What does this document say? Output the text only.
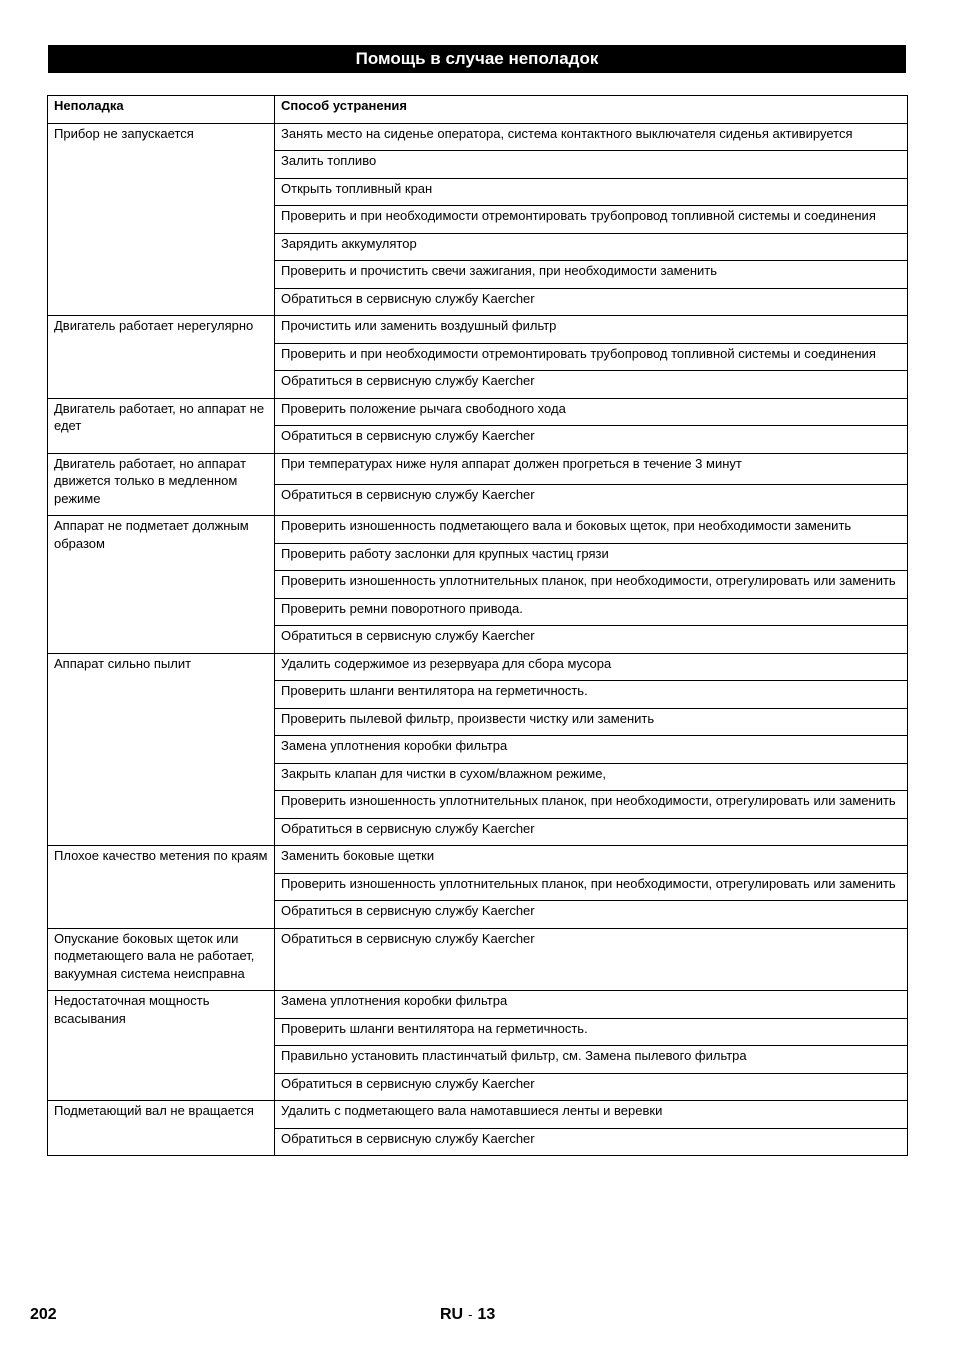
Помощь в случае неполадок
Неполадка	Способ устранения
Прибор не запускается	Занять место на сиденье оператора, система контактного выключателя сиденья активируется
	Залить топливо
	Открыть топливный кран
	Проверить и при необходимости отремонтировать трубопровод топливной системы и соединения
	Зарядить аккумулятор
	Проверить и прочистить свечи зажигания, при необходимости заменить
	Обратиться в сервисную службу Kaercher
Двигатель работает нерегулярно	Прочистить или заменить воздушный фильтр
	Проверить и при необходимости отремонтировать трубопровод топливной системы и соединения
	Обратиться в сервисную службу Kaercher
Двигатель работает, но аппарат не едет	Проверить положение рычага свободного хода
	Обратиться в сервисную службу Kaercher
Двигатель работает, но аппарат движется только в медленном режиме	При температурах ниже нуля аппарат должен прогреться в течение 3 минут
	Обратиться в сервисную службу Kaercher
Аппарат не подметает должным образом	Проверить изношенность подметающего вала и боковых щеток, при необходимости заменить
	Проверить работу заслонки для крупных частиц грязи
	Проверить изношенность уплотнительных планок, при необходимости, отрегулировать или заменить
	Проверить ремни поворотного привода.
	Обратиться в сервисную службу Kaercher
Аппарат сильно пылит	Удалить содержимое из резервуара для сбора мусора
	Проверить шланги вентилятора на герметичность.
	Проверить пылевой фильтр, произвести чистку или заменить
	Замена уплотнения коробки фильтра
	Закрыть клапан для чистки в сухом/влажном режиме,
	Проверить изношенность уплотнительных планок, при необходимости, отрегулировать или заменить
	Обратиться в сервисную службу Kaercher
Плохое качество метения по краям	Заменить боковые щетки
	Проверить изношенность уплотнительных планок, при необходимости, отрегулировать или заменить
	Обратиться в сервисную службу Kaercher
Опускание боковых щеток или подметающего вала не работает, вакуумная система неисправна	Обратиться в сервисную службу Kaercher
Недостаточная мощность всасывания	Замена уплотнения коробки фильтра
	Проверить шланги вентилятора на герметичность.
	Правильно установить пластинчатый фильтр, см. Замена пылевого фильтра
	Обратиться в сервисную службу Kaercher
Подметающий вал не вращается	Удалить с подметающего вала намотавшиеся ленты и веревки
	Обратиться в сервисную службу Kaercher
202	RU - 13
